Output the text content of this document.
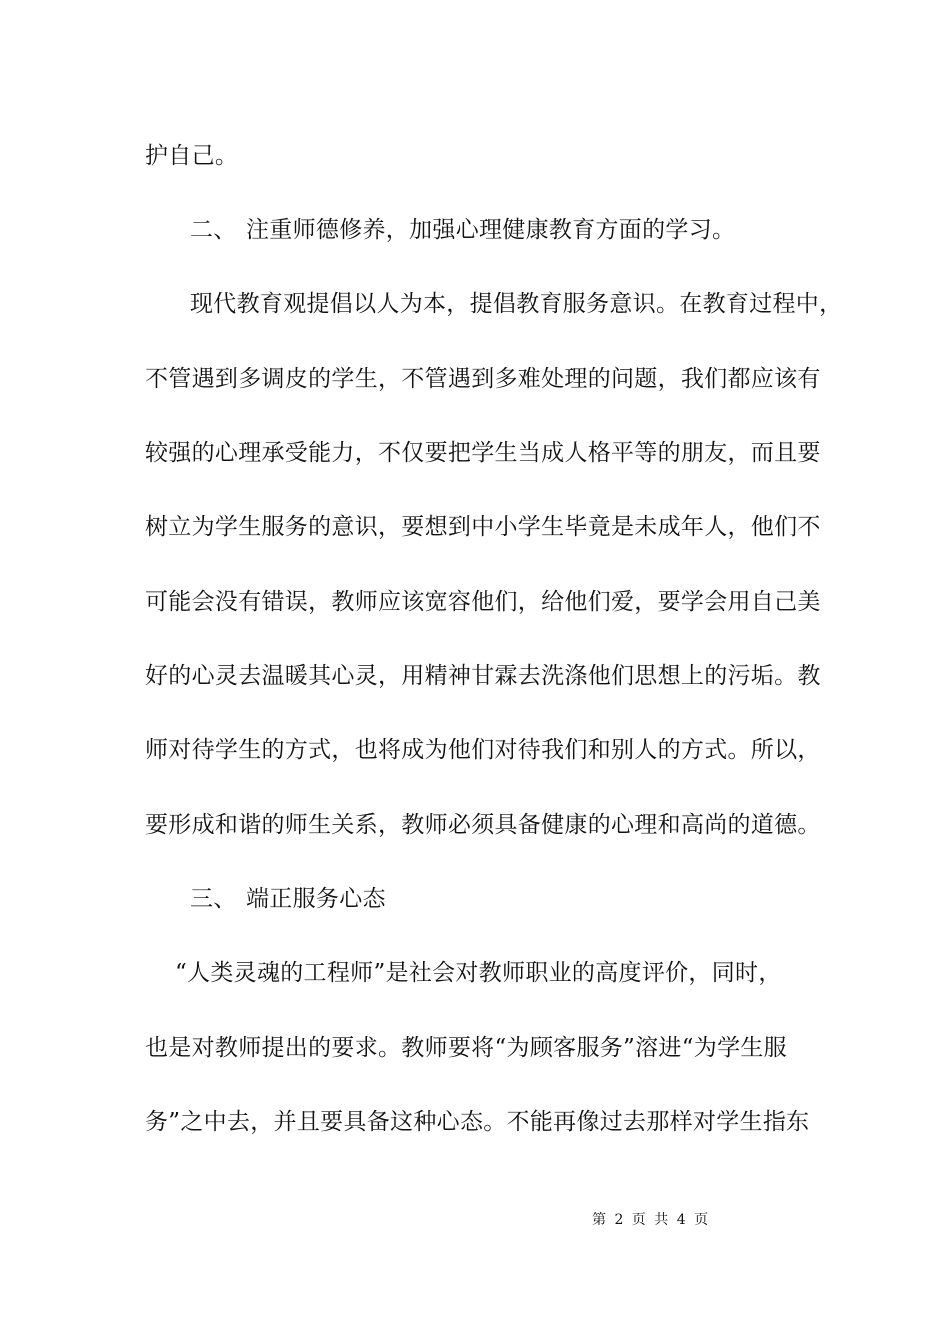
护自己。
二、 注重师德修养，加强心理健康教育方面的学习。
现代教育观提倡以人为本，提倡教育服务意识。在教育过程中，
不管遇到多调皮的学生，不管遇到多难处理的问题，我们都应该有
较强的心理承受能力，不仅要把学生当成人格平等的朋友，而且要
树立为学生服务的意识，要想到中小学生毕竟是未成年人，他们不
可能会没有错误，教师应该宽容他们，给他们爱，要学会用自己美
好的心灵去温暖其心灵，用精神甘霖去洗涤他们思想上的污垢。教
师对待学生的方式，也将成为他们对待我们和别人的方式。所以，
要形成和谐的师生关系，教师必须具备健康的心理和高尚的道德。
三、 端正服务心态
“人类灵魂的工程师”是社会对教师职业的高度评价，同时，
也是对教师提出的要求。教师要将“为顾客服务”溶进“为学生服
务”之中去，并且要具备这种心态。不能再像过去那样对学生指东
第 2 页 共 4 页
